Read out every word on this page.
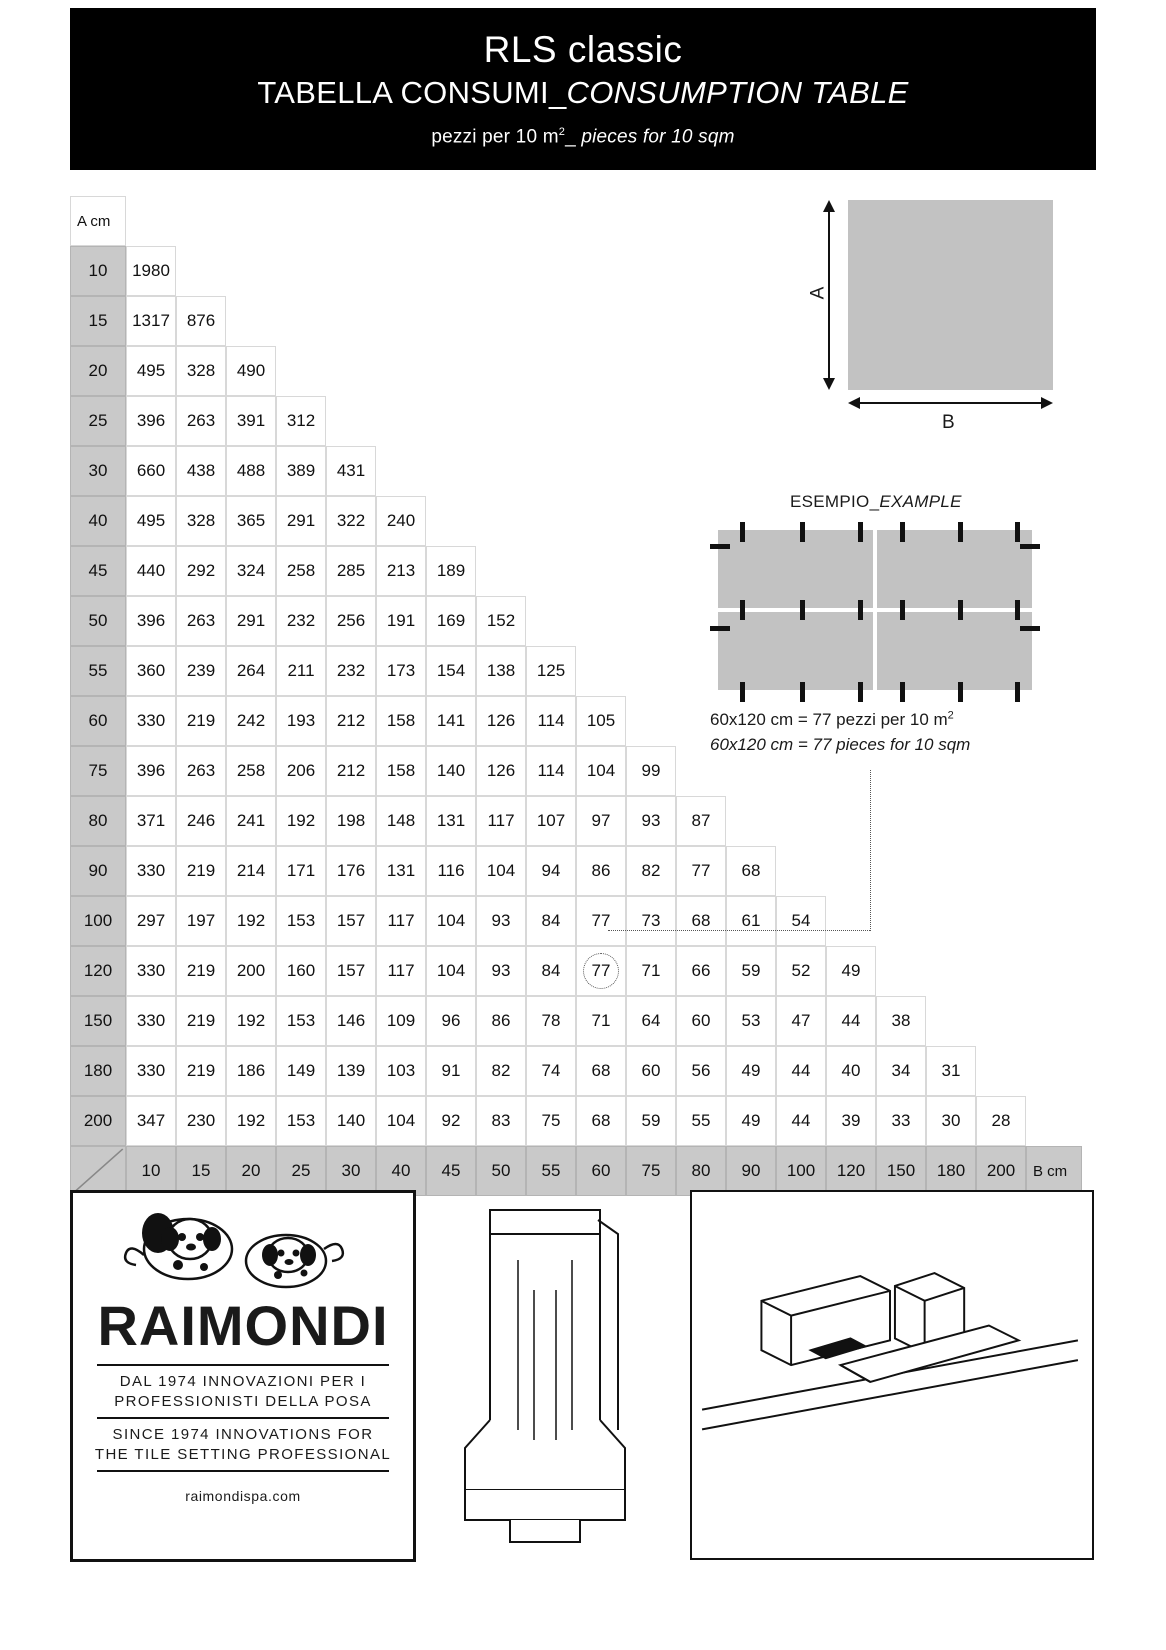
RLS classic
TABELLA CONSUMI_CONSUMPTION TABLE
pezzi per 10 $m^2\_$ pieces for 10 sqm
A cm																			
10	1980																		
15	1317	876																	
20	495	328	490																
25	396	263	391	312															
30	660	438	488	389	431														
40	495	328	365	291	322	240													
45	440	292	324	258	285	213	189												
50	396	263	291	232	256	191	169	152											
55	360	239	264	211	232	173	154	138	125										
60	330	219	242	193	212	158	141	126	114	105									
75	396	263	258	206	212	158	140	126	114	104	99								
80	371	246	241	192	198	148	131	117	107	97	93	87							
90	330	219	214	171	176	131	116	104	94	86	82	77	68						
100	297	197	192	153	157	117	104	93	84	77	73	68	61	54					
120	330	219	200	160	157	117	104	93	84	77	71	66	59	52	49				
150	330	219	192	153	146	109	96	86	78	71	64	60	53	47	44	38			
180	330	219	186	149	139	103	91	82	74	68	60	56	49	44	40	34	31		
200	347	230	192	153	140	104	92	83	75	68	59	55	49	44	39	33	30	28	

	10	15	20	25	30	40	45	50	55	60	75	80	90	100	120	150	180	200	B cm
A
B
ESEMPIO_EXAMPLE
60x120 cm = 77 pezzi per 10 $m^2$
60x120 cm = 77 pieces for 10 sqm
RAIMONDI
DAL 1974 INNOVAZIONI PER I
PROFESSIONISTI DELLA POSA
SINCE 1974 INNOVATIONS FOR
THE TILE SETTING PROFESSIONAL
raimondispa.com
